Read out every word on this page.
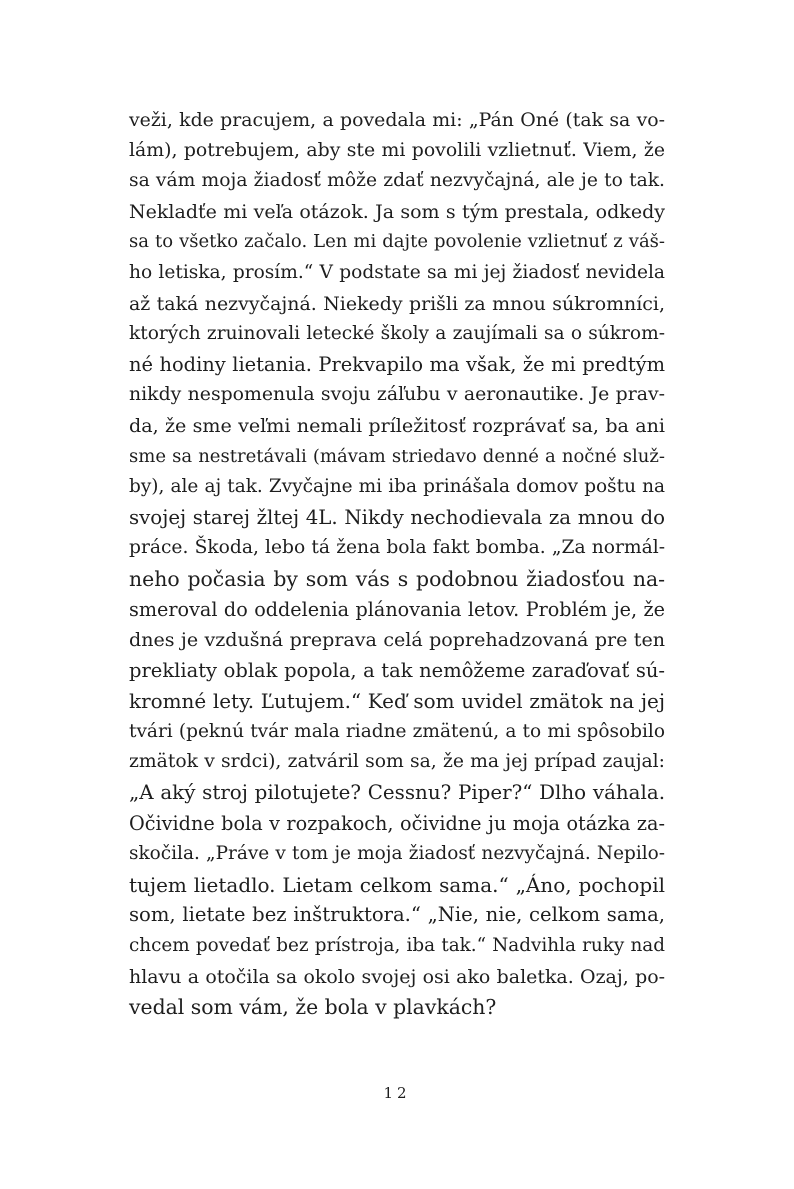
veži, kde pracujem, a povedala mi: „Pán Oné (tak sa vo-
lám), potrebujem, aby ste mi povolili vzlietnuť. Viem, že
sa vám moja žiadosť môže zdať nezvyčajná, ale je to tak.
Nekladťe mi veľa otázok. Ja som s tým prestala, odkedy
sa to všetko začalo. Len mi dajte povolenie vzlietnuť z váš-
ho letiska, prosím.“ V podstate sa mi jej žiadosť nevidela
až taká nezvyčajná. Niekedy prišli za mnou súkromníci,
ktorých zruinovali letecké školy a zaujímali sa o súkrom-
né hodiny lietania. Prekvapilo ma však, že mi predtým
nikdy nespomenula svoju záľubu v aeronautike. Je prav-
da, že sme veľmi nemali príležitosť rozprávať sa, ba ani
sme sa nestretávali (mávam striedavo denné a nočné služ-
by), ale aj tak. Zvyčajne mi iba prinášala domov poštu na
svojej starej žltej 4L. Nikdy nechodievala za mnou do
práce. Škoda, lebo tá žena bola fakt bomba. „Za normál-
neho počasia by som vás s podobnou žiadosťou na-
smeroval do oddelenia plánovania letov. Problém je, že
dnes je vzdušná preprava celá poprehadzovaná pre ten
prekliaty oblak popola, a tak nemôžeme zaraďovať sú-
kromné lety. Ľutujem.“ Keď som uvidel zmätok na jej
tvári (peknú tvár mala riadne zmätenú, a to mi spôsobilo
zmätok v srdci), zatváril som sa, že ma jej prípad zaujal:
„A aký stroj pilotujete? Cessnu? Piper?“ Dlho váhala.
Očividne bola v rozpakoch, očividne ju moja otázka za-
skočila. „Práve v tom je moja žiadosť nezvyčajná. Nepilo-
tujem lietadlo. Lietam celkom sama.“ „Áno, pochopil
som, lietate bez inštruktora.“ „Nie, nie, celkom sama,
chcem povedať bez prístroja, iba tak.“ Nadvihla ruky nad
hlavu a otočila sa okolo svojej osi ako baletka. Ozaj, po-
vedal som vám, že bola v plavkách?
12
